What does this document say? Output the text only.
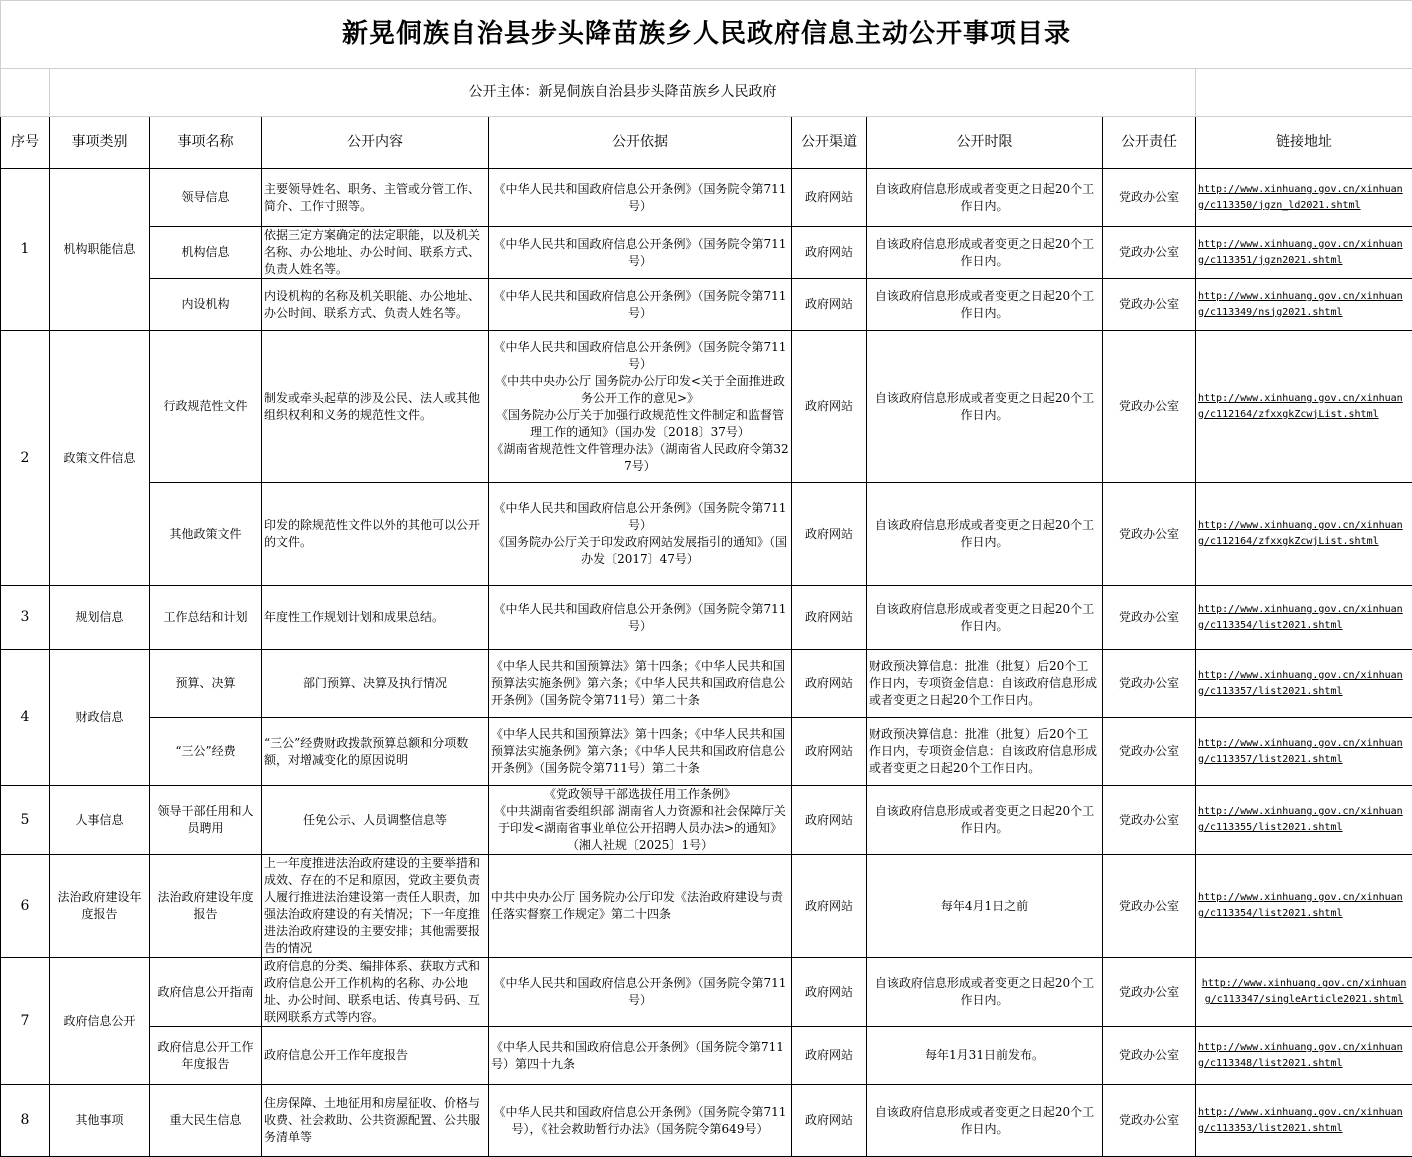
新晃侗族自治县步头降苗族乡人民政府信息主动公开事项目录								
	公开主体：新晃侗族自治县步头降苗族乡人民政府							
序号	事项类别	事项名称	公开内容	公开依据	公开渠道	公开时限	公开责任	链接地址
1	机构职能信息	领导信息	主要领导姓名、职务、主管或分管工作、简介、工作寸照等。	《中华人民共和国政府信息公开条例》（国务院令第711号）	政府网站	自该政府信息形成或者变更之日起20个工作日内。	党政办公室	http://www.xinhuang.gov.cn/xinhuang/c113350/jgzn_ld2021.shtml
		机构信息	依据三定方案确定的法定职能，以及机关名称、办公地址、办公时间、联系方式、负责人姓名等。	《中华人民共和国政府信息公开条例》（国务院令第711号）	政府网站	自该政府信息形成或者变更之日起20个工作日内。	党政办公室	http://www.xinhuang.gov.cn/xinhuang/c113351/jgzn2021.shtml
		内设机构	内设机构的名称及机关职能、办公地址、办公时间、联系方式、负责人姓名等。	《中华人民共和国政府信息公开条例》（国务院令第711号）	政府网站	自该政府信息形成或者变更之日起20个工作日内。	党政办公室	http://www.xinhuang.gov.cn/xinhuang/c113349/nsjg2021.shtml
2	政策文件信息	行政规范性文件	制发或牵头起草的涉及公民、法人或其他组织权利和义务的规范性文件。	《中华人民共和国政府信息公开条例》（国务院令第711号）
《中共中央办公厅 国务院办公厅印发<关于全面推进政务公开工作的意见>》
《国务院办公厅关于加强行政规范性文件制定和监督管理工作的通知》（国办发〔2018〕37号）
《湖南省规范性文件管理办法》（湖南省人民政府令第327号）	政府网站	自该政府信息形成或者变更之日起20个工作日内。	党政办公室	http://www.xinhuang.gov.cn/xinhuang/c112164/zfxxgkZcwjList.shtml
		其他政策文件	印发的除规范性文件以外的其他可以公开的文件。	《中华人民共和国政府信息公开条例》（国务院令第711号）
《国务院办公厅关于印发政府网站发展指引的通知》（国办发〔2017〕47号）	政府网站	自该政府信息形成或者变更之日起20个工作日内。	党政办公室	http://www.xinhuang.gov.cn/xinhuang/c112164/zfxxgkZcwjList.shtml
3	规划信息	工作总结和计划	年度性工作规划计划和成果总结。	《中华人民共和国政府信息公开条例》（国务院令第711号）	政府网站	自该政府信息形成或者变更之日起20个工作日内。	党政办公室	http://www.xinhuang.gov.cn/xinhuang/c113354/list2021.shtml
4	财政信息	预算、决算	部门预算、决算及执行情况	《中华人民共和国预算法》第十四条；《中华人民共和国预算法实施条例》第六条；《中华人民共和国政府信息公开条例》（国务院令第711号）第二十条	政府网站	财政预决算信息：批准（批复）后20个工作日内，专项资金信息：自该政府信息形成或者变更之日起20个工作日内。	党政办公室	http://www.xinhuang.gov.cn/xinhuang/c113357/list2021.shtml
		“三公”经费	“三公”经费财政拨款预算总额和分项数额，对增减变化的原因说明	《中华人民共和国预算法》第十四条；《中华人民共和国预算法实施条例》第六条；《中华人民共和国政府信息公开条例》（国务院令第711号）第二十条	政府网站	财政预决算信息：批准（批复）后20个工作日内，专项资金信息：自该政府信息形成或者变更之日起20个工作日内。	党政办公室	http://www.xinhuang.gov.cn/xinhuang/c113357/list2021.shtml
5	人事信息	领导干部任用和人员聘用	任免公示、人员调整信息等	《党政领导干部选拔任用工作条例》
《中共湖南省委组织部 湖南省人力资源和社会保障厅关于印发<湖南省事业单位公开招聘人员办法>的通知》（湘人社规〔2025〕1号）	政府网站	自该政府信息形成或者变更之日起20个工作日内。	党政办公室	http://www.xinhuang.gov.cn/xinhuang/c113355/list2021.shtml
6	法治政府建设年度报告	法治政府建设年度报告	上一年度推进法治政府建设的主要举措和成效、存在的不足和原因，党政主要负责人履行推进法治建设第一责任人职责，加强法治政府建设的有关情况；下一年度推进法治政府建设的主要安排；其他需要报告的情况	中共中央办公厅 国务院办公厅印发《法治政府建设与责任落实督察工作规定》第二十四条	政府网站	每年4月1日之前	党政办公室	http://www.xinhuang.gov.cn/xinhuang/c113354/list2021.shtml
7	政府信息公开	政府信息公开指南	政府信息的分类、编排体系、获取方式和政府信息公开工作机构的名称、办公地址、办公时间、联系电话、传真号码、互联网联系方式等内容。	《中华人民共和国政府信息公开条例》（国务院令第711号）	政府网站	自该政府信息形成或者变更之日起20个工作日内。	党政办公室	http://www.xinhuang.gov.cn/xinhuang/c113347/singleArticle2021.shtml
		政府信息公开工作年度报告	政府信息公开工作年度报告	《中华人民共和国政府信息公开条例》（国务院令第711号）第四十九条	政府网站	每年1月31日前发布。	党政办公室	http://www.xinhuang.gov.cn/xinhuang/c113348/list2021.shtml
8	其他事项	重大民生信息	住房保障、土地征用和房屋征收、价格与收费、社会救助、公共资源配置、公共服务清单等	《中华人民共和国政府信息公开条例》（国务院令第711号），《社会救助暂行办法》（国务院令第649号）	政府网站	自该政府信息形成或者变更之日起20个工作日内。	党政办公室	http://www.xinhuang.gov.cn/xinhuang/c113353/list2021.shtml
